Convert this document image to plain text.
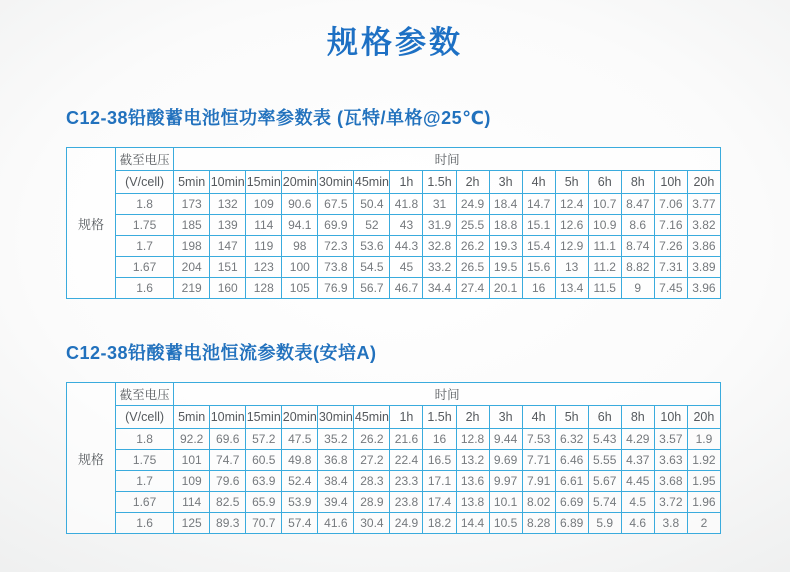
规格参数
C12-38铅酸蓄电池恒功率参数表 (瓦特/单格@25℃)
规格	截至电压	时间															
	(V/cell)	5min	10min	15min	20min	30min	45min	1h	1.5h	2h	3h	4h	5h	6h	8h	10h	20h
	1.8	173	132	109	90.6	67.5	50.4	41.8	31	24.9	18.4	14.7	12.4	10.7	8.47	7.06	3.77
	1.75	185	139	114	94.1	69.9	52	43	31.9	25.5	18.8	15.1	12.6	10.9	8.6	7.16	3.82
	1.7	198	147	119	98	72.3	53.6	44.3	32.8	26.2	19.3	15.4	12.9	11.1	8.74	7.26	3.86
	1.67	204	151	123	100	73.8	54.5	45	33.2	26.5	19.5	15.6	13	11.2	8.82	7.31	3.89
	1.6	219	160	128	105	76.9	56.7	46.7	34.4	27.4	20.1	16	13.4	11.5	9	7.45	3.96
C12-38铅酸蓄电池恒流参数表(安培A)
规格	截至电压	时间															
	(V/cell)	5min	10min	15min	20min	30min	45min	1h	1.5h	2h	3h	4h	5h	6h	8h	10h	20h
	1.8	92.2	69.6	57.2	47.5	35.2	26.2	21.6	16	12.8	9.44	7.53	6.32	5.43	4.29	3.57	1.9
	1.75	101	74.7	60.5	49.8	36.8	27.2	22.4	16.5	13.2	9.69	7.71	6.46	5.55	4.37	3.63	1.92
	1.7	109	79.6	63.9	52.4	38.4	28.3	23.3	17.1	13.6	9.97	7.91	6.61	5.67	4.45	3.68	1.95
	1.67	114	82.5	65.9	53.9	39.4	28.9	23.8	17.4	13.8	10.1	8.02	6.69	5.74	4.5	3.72	1.96
	1.6	125	89.3	70.7	57.4	41.6	30.4	24.9	18.2	14.4	10.5	8.28	6.89	5.9	4.6	3.8	2
